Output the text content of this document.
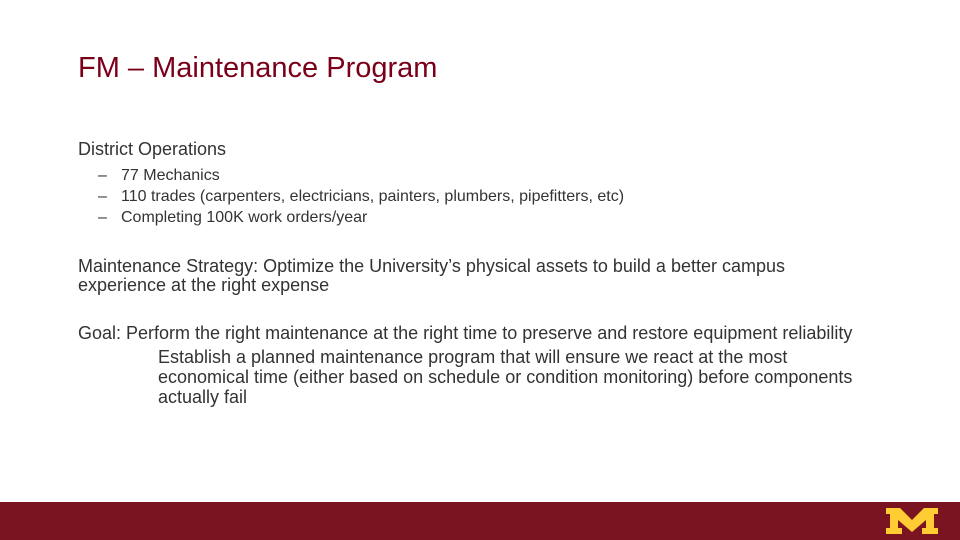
FM – Maintenance Program

District Operations

– 77 Mechanics
– 110 trades (carpenters, electricians, painters, plumbers, pipefitters, etc)
– Completing 100K work orders/year

Maintenance Strategy: Optimize the University’s physical assets to build a better campus experience at the right expense

Goal: Perform the right maintenance at the right time to preserve and restore equipment reliability

Establish a planned maintenance program that will ensure we react at the most economical time (either based on schedule or condition monitoring) before components actually fail
